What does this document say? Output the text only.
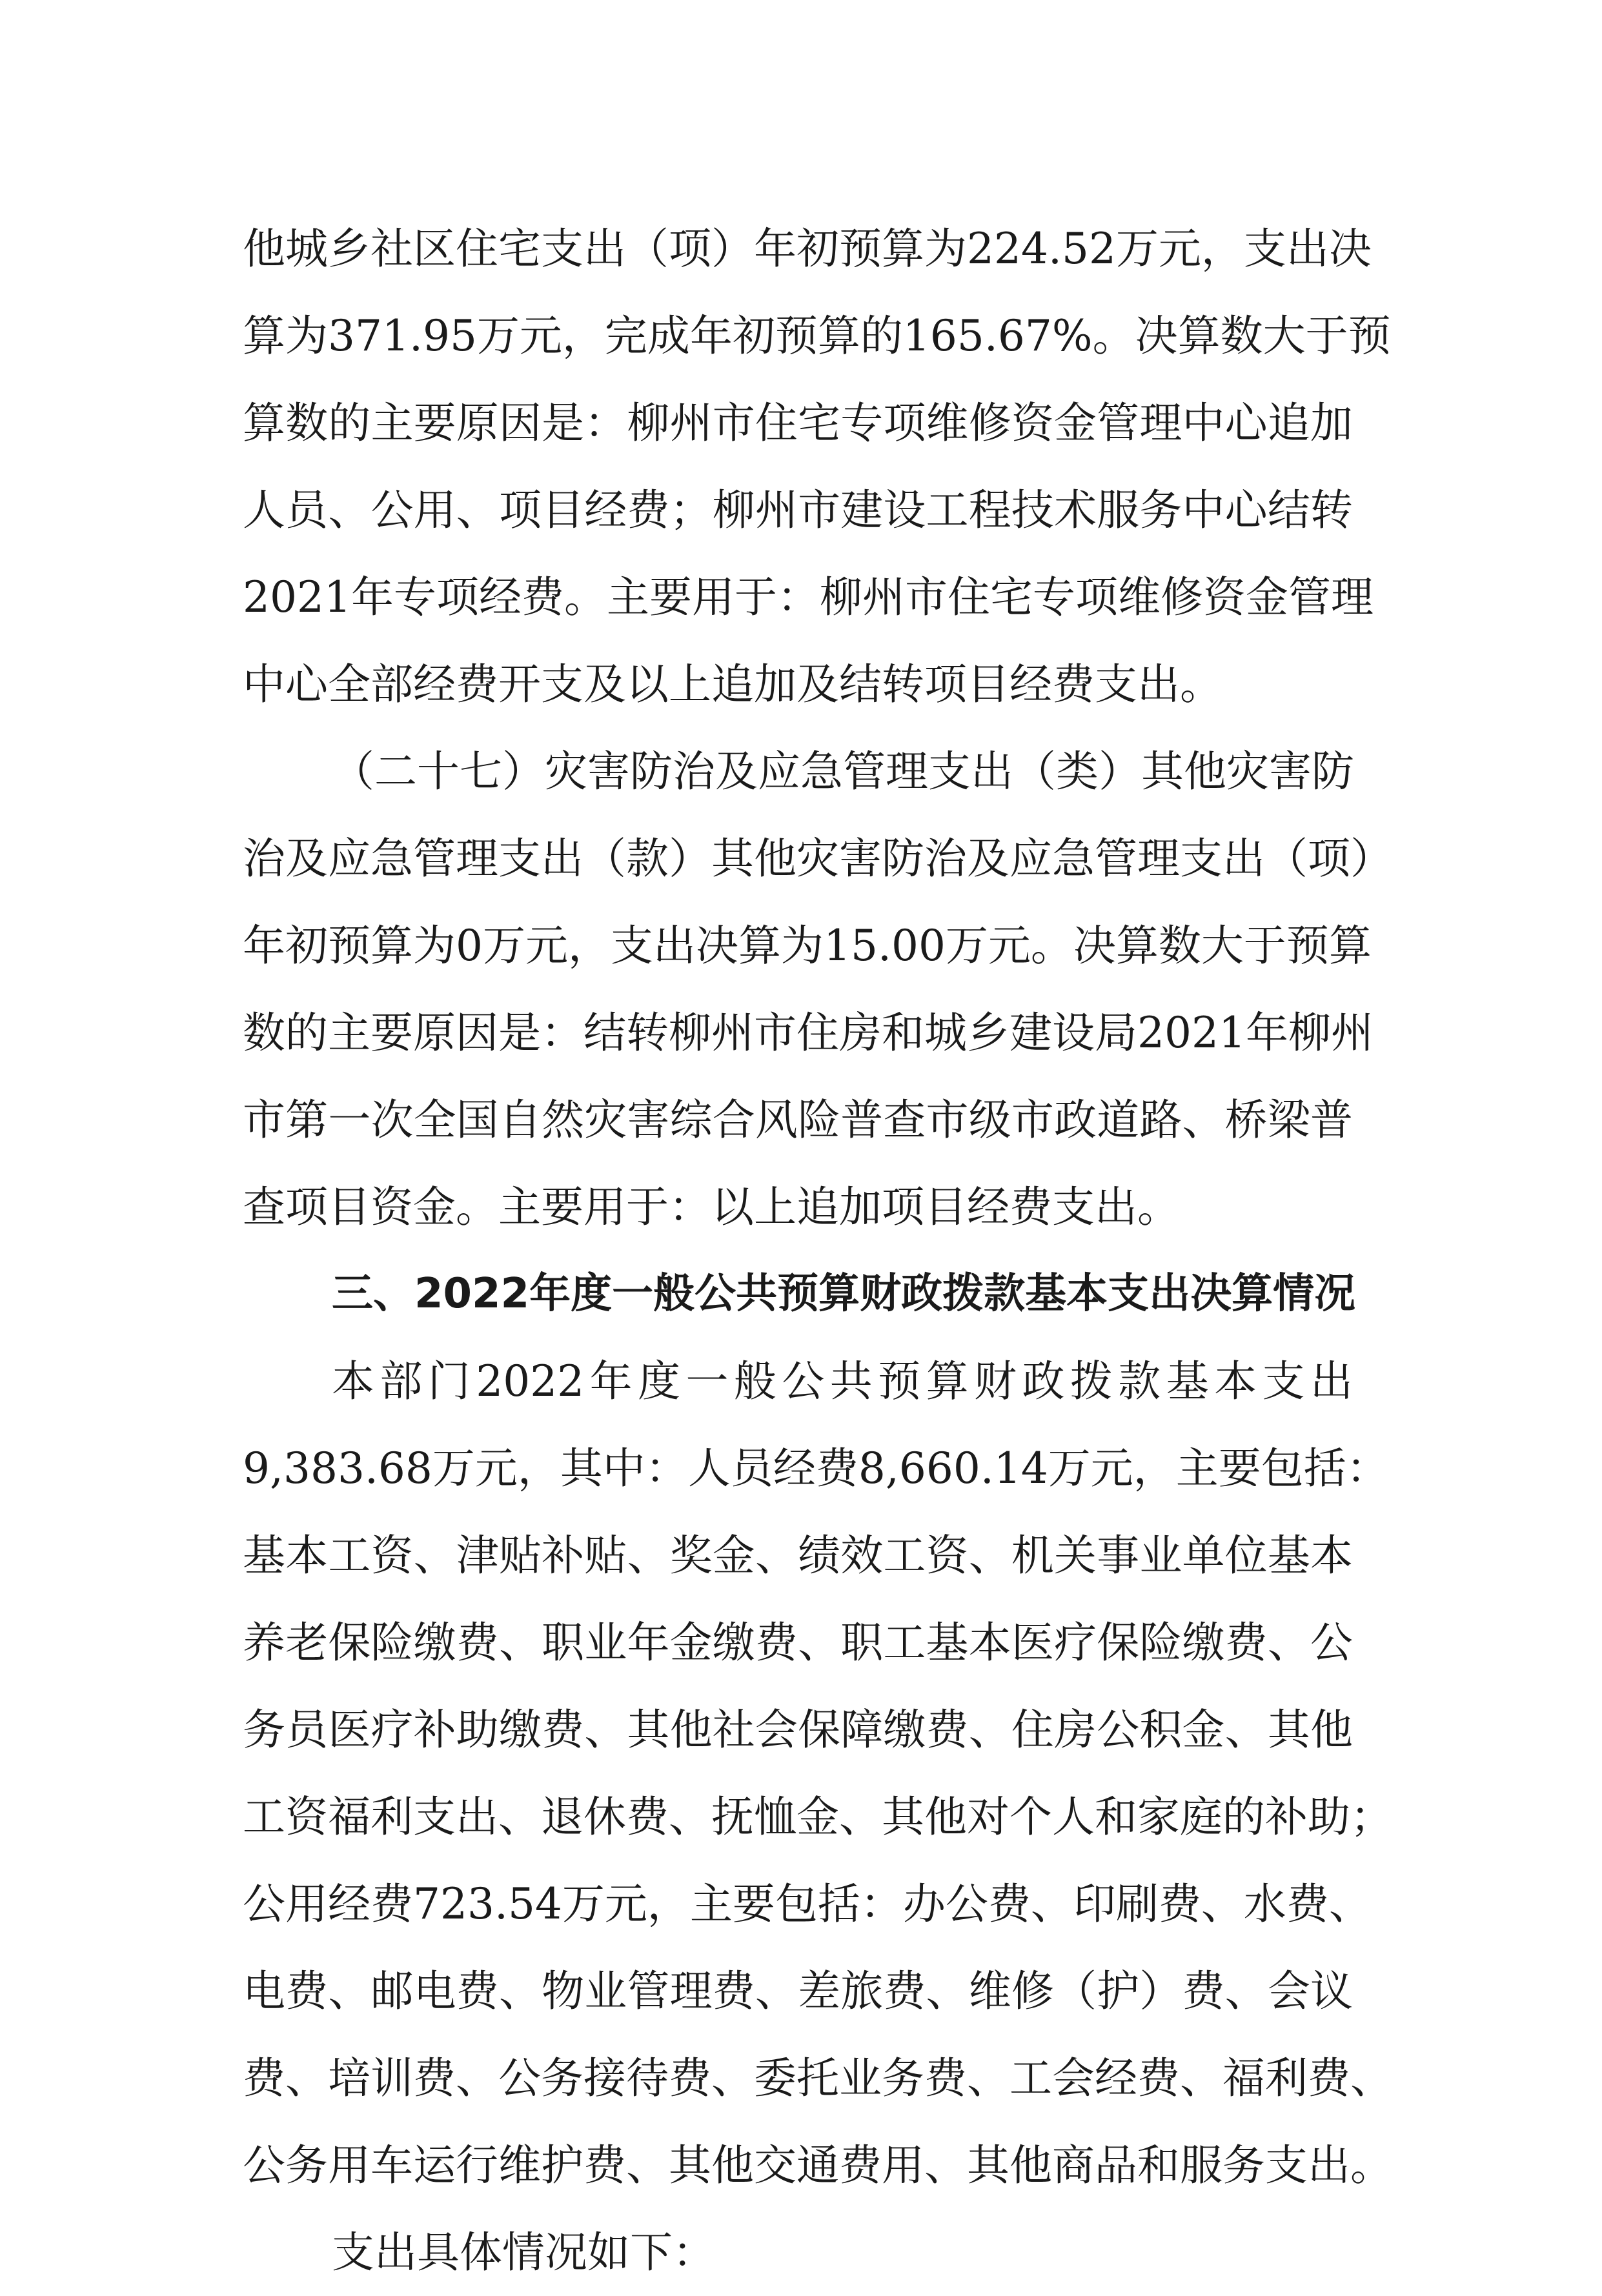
他城乡社区住宅支出（项）年初预算为224.52万元，支出决
算为371.95万元，完成年初预算的165.67%。决算数大于预
算数的主要原因是：柳州市住宅专项维修资金管理中心追加
人员、公用、项目经费；柳州市建设工程技术服务中心结转
2021年专项经费。主要用于：柳州市住宅专项维修资金管理
中心全部经费开支及以上追加及结转项目经费支出。
（二十七）灾害防治及应急管理支出（类）其他灾害防
治及应急管理支出（款）其他灾害防治及应急管理支出（项）
年初预算为0万元，支出决算为15.00万元。决算数大于预算
数的主要原因是：结转柳州市住房和城乡建设局2021年柳州
市第一次全国自然灾害综合风险普查市级市政道路、桥梁普
查项目资金。主要用于：以上追加项目经费支出。
三、2022年度一般公共预算财政拨款基本支出决算情况
本部门2022年度一般公共预算财政拨款基本支出
9,383.68万元，其中：人员经费8,660.14万元，主要包括：
基本工资、津贴补贴、奖金、绩效工资、机关事业单位基本
养老保险缴费、职业年金缴费、职工基本医疗保险缴费、公
务员医疗补助缴费、其他社会保障缴费、住房公积金、其他
工资福利支出、退休费、抚恤金、其他对个人和家庭的补助；
公用经费723.54万元，主要包括：办公费、印刷费、水费、
电费、邮电费、物业管理费、差旅费、维修（护）费、会议
费、培训费、公务接待费、委托业务费、工会经费、福利费、
公务用车运行维护费、其他交通费用、其他商品和服务支出。
支出具体情况如下：
